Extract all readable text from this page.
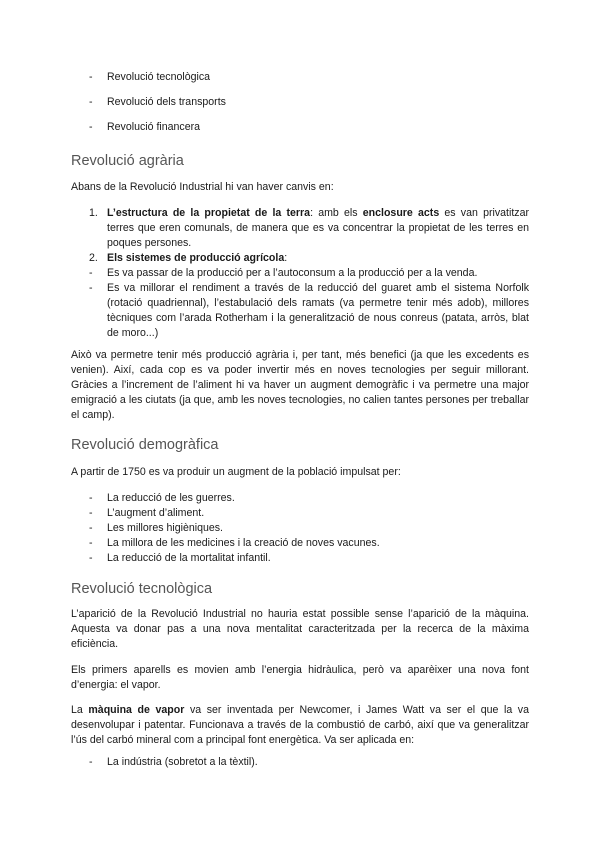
- Revolució tecnològica
- Revolució dels transports
- Revolució financera
Revolució agrària

Abans de la Revolució Industrial hi van haver canvis en:

1. L’estructura de la propietat de la terra: amb els enclosure acts es van privatitzar terres que eren comunals, de manera que es va concentrar la propietat de les terres en poques persones.
2. Els sistemes de producció agrícola:
- Es va passar de la producció per a l’autoconsum a la producció per a la venda.
- Es va millorar el rendiment a través de la reducció del guaret amb el sistema Norfolk (rotació quadriennal), l’estabulació dels ramats (va permetre tenir més adob), millores tècniques com l’arada Rotherham i la generalització de nous conreus (patata, arròs, blat de moro...)

Això va permetre tenir més producció agrària i, per tant, més benefici (ja que les excedents es venien). Així, cada cop es va poder invertir més en noves tecnologies per seguir millorant. Gràcies a l’increment de l’aliment hi va haver un augment demogràfic i va permetre una major emigració a les ciutats (ja que, amb les noves tecnologies, no calien tantes persones per treballar el camp).

Revolució demogràfica

A partir de 1750 es va produir un augment de la població impulsat per:

- La reducció de les guerres.
- L’augment d’aliment.
- Les millores higièniques.
- La millora de les medicines i la creació de noves vacunes.
- La reducció de la mortalitat infantil.
Revolució tecnològica

L’aparició de la Revolució Industrial no hauria estat possible sense l’aparició de la màquina. Aquesta va donar pas a una nova mentalitat caracteritzada per la recerca de la màxima eficiència.

Els primers aparells es movien amb l’energia hidràulica, però va aparèixer una nova font d’energia: el vapor.

La màquina de vapor va ser inventada per Newcomer, i James Watt va ser el que la va desenvolupar i patentar. Funcionava a través de la combustió de carbó, així que va generalitzar l’ús del carbó mineral com a principal font energètica. Va ser aplicada en:

- La indústria (sobretot a la tèxtil).
